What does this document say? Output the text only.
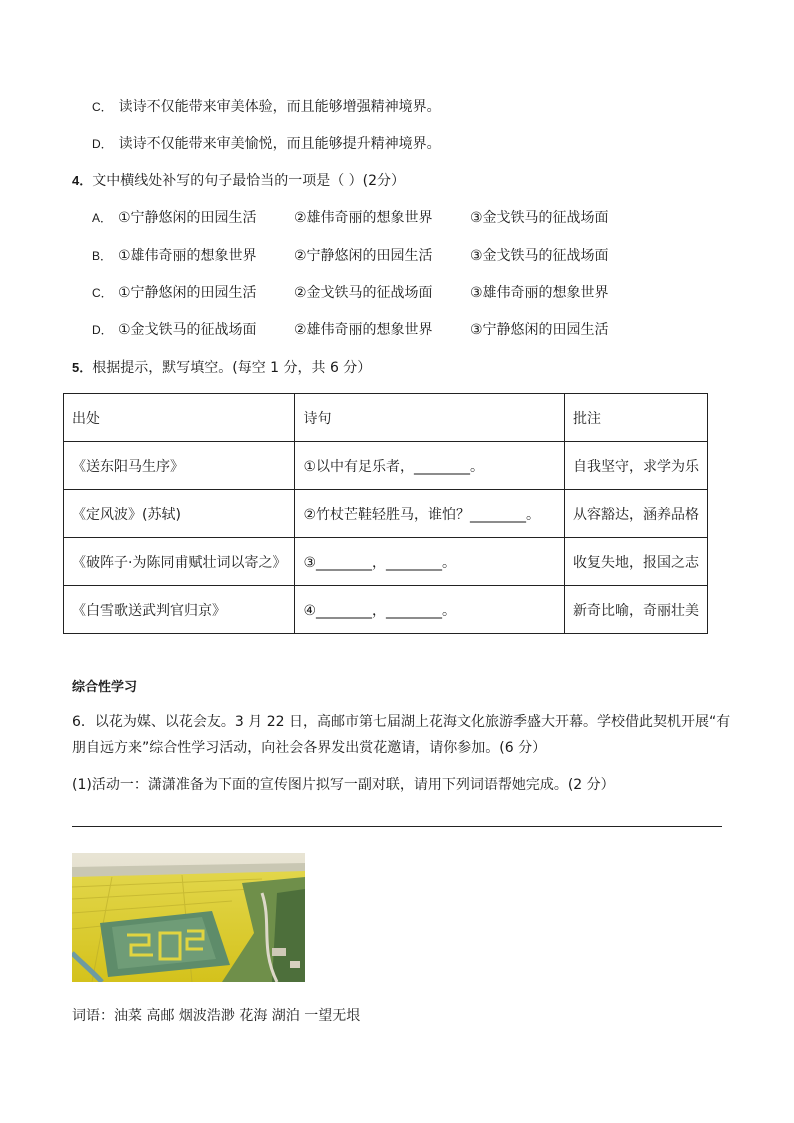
C． 读诗不仅能带来审美体验，而且能够增强精神境界。
D． 读诗不仅能带来审美愉悦，而且能够提升精神境界。
4．文中横线处补写的句子最恰当的一项是（ ）(2分）
A． ①宁静悠闲的田园生活	②雄伟奇丽的想象世界	③金戈铁马的征战场面
B． ①雄伟奇丽的想象世界	②宁静悠闲的田园生活	③金戈铁马的征战场面
C． ①宁静悠闲的田园生活	②金戈铁马的征战场面	③雄伟奇丽的想象世界
D． ①金戈铁马的征战场面	②雄伟奇丽的想象世界	③宁静悠闲的田园生活
5．根据提示，默写填空。(每空 1 分，共 6 分）
出处	诗句	批注
《送东阳马生序》	①以中有足乐者，________。	自我坚守，求学为乐
《定风波》(苏轼)	②竹杖芒鞋轻胜马，谁怕？________。	从容豁达，涵养品格
《破阵子·为陈同甫赋壮词以寄之》	③________，________。	收复失地，报国之志
《白雪歌送武判官归京》	④________，________。	新奇比喻，奇丽壮美
综合性学习
6．以花为媒、以花会友。3 月 22 日，高邮市第七届湖上花海文化旅游季盛大开幕。学校借此契机开展“有
朋自远方来”综合性学习活动，向社会各界发出赏花邀请，请你参加。(6 分）
(1)活动一：潇潇准备为下面的宣传图片拟写一副对联，请用下列词语帮她完成。(2 分）
词语：油菜 高邮 烟波浩渺 花海 湖泊 一望无垠
